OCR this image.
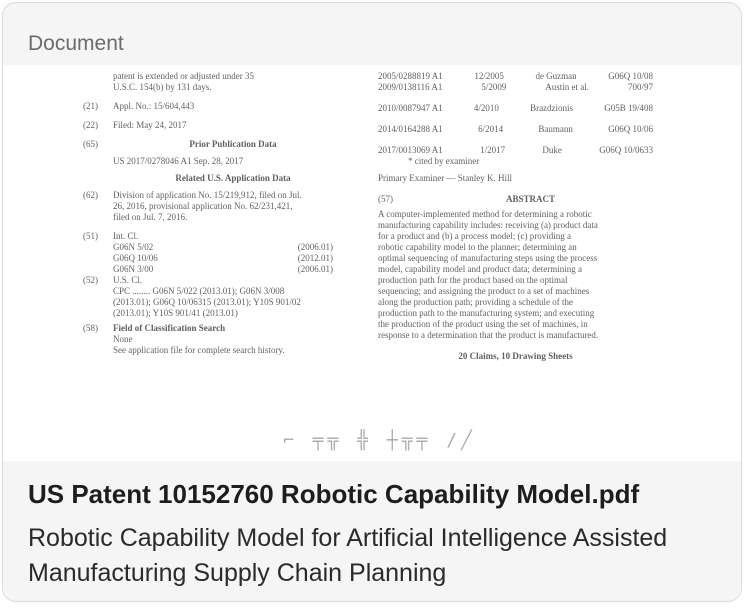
Document
patent is extended or adjusted under 35
U.S.C. 154(b) by 131 days.
(21)	Appl. No.: 15/604,443
(22)	Filed: May 24, 2017
(65)	Prior Publication Data
US 2017/0278046 A1 Sep. 28, 2017
Related U.S. Application Data
(62)	Division of application No. 15/219,912, filed on Jul.
26, 2016, provisional application No. 62/231,421,
filed on Jul. 7, 2016.
(51)	Int. Cl.
G06N 5/02	(2006.01)
G06Q 10/06	(2012.01)
G06N 3/00	(2006.01)
(52)	U.S. Cl.
CPC ........ G06N 5/022 (2013.01); G06N 3/008
(2013.01); G06Q 10/06315 (2013.01); Y10S 901/02
(2013.01); Y10S 901/41 (2013.01)
(58)	Field of Classification Search
None
See application file for complete search history.
2005/0288819 A1	12/2005	de Guzman	G06Q 10/08
2009/0138116 A1	5/2009	Austin et al.	700/97
2010/0087947 A1	4/2010	Brazdzionis	G05B 19/408
2014/0164288 A1	6/2014	Baumann	G06Q 10/06
2017/0013069 A1	1/2017	Duke	G06Q 10/0633
* cited by examiner
Primary Examiner — Stanley K. Hill
(57)	ABSTRACT
A computer-implemented method for determining a robotic
manufacturing capability includes: receiving (a) product data
for a product and (b) a process model; (c) providing a
robotic capability model to the planner; determining an
optimal sequencing of manufacturing steps using the process
model, capability model and product data; determining a
production path for the product based on the optimal
sequencing; and assigning the product to a set of machines
along the production path; providing a schedule of the
production path to the manufacturing system; and executing
the production of the product using the set of machines, in
response to a determination that the product is manufactured.
20 Claims, 10 Drawing Sheets
⌐ ╤╦ ╬ ┼╦╤ /╱
US Patent 10152760 Robotic Capability Model.pdf
Robotic Capability Model for Artificial Intelligence Assisted Manufacturing Supply Chain Planning
